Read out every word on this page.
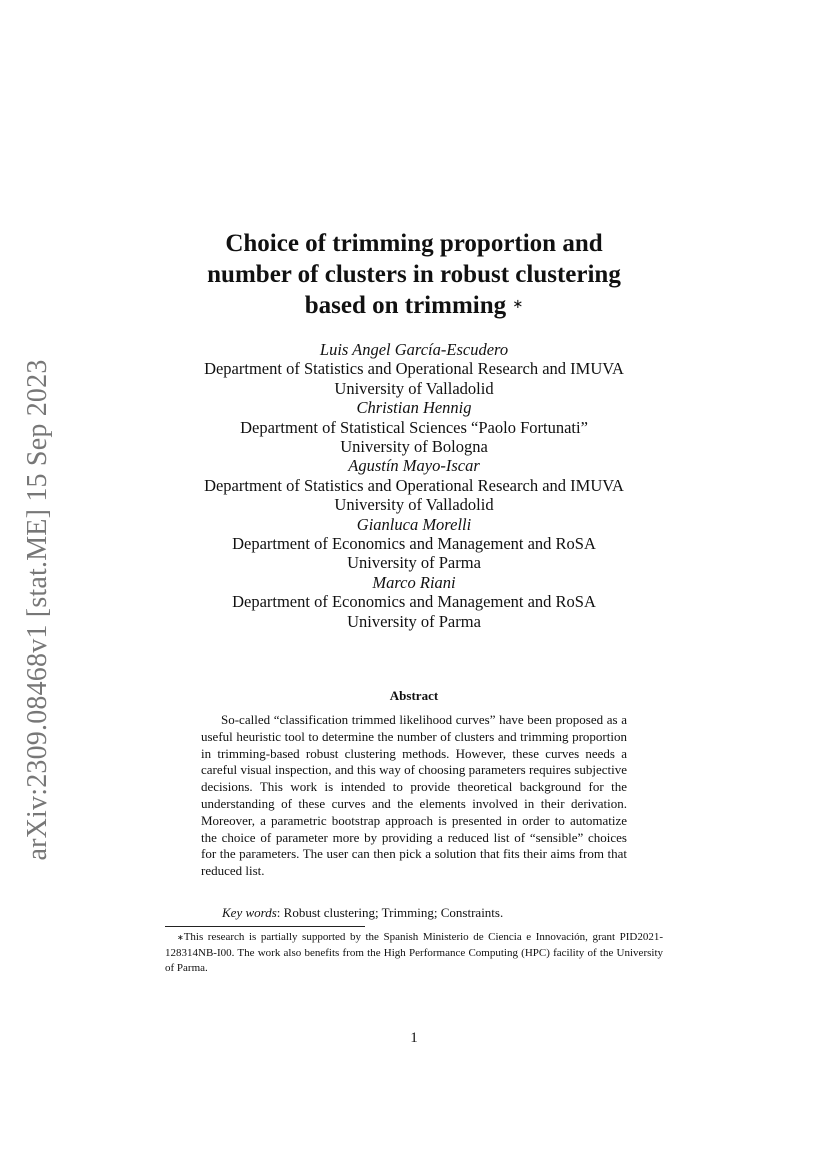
arXiv:2309.08468v1 [stat.ME] 15 Sep 2023
Choice of trimming proportion and
number of clusters in robust clustering
based on trimming ∗
Luis Angel García-Escudero
Department of Statistics and Operational Research and IMUVA
University of Valladolid
Christian Hennig
Department of Statistical Sciences “Paolo Fortunati”
University of Bologna
Agustín Mayo-Iscar
Department of Statistics and Operational Research and IMUVA
University of Valladolid
Gianluca Morelli
Department of Economics and Management and RoSA
University of Parma
Marco Riani
Department of Economics and Management and RoSA
University of Parma
Abstract

So-called “classification trimmed likelihood curves” have been proposed as a useful heuristic tool to determine the number of clusters and trimming proportion in trimming-based robust clustering methods. However, these curves needs a careful visual inspection, and this way of choosing parameters requires subjective decisions. This work is intended to provide theoretical background for the understanding of these curves and the elements involved in their derivation. Moreover, a parametric bootstrap approach is presented in order to automatize the choice of parameter more by providing a reduced list of “sensible” choices for the parameters. The user can then pick a solution that fits their aims from that reduced list.

Key words: Robust clustering; Trimming; Constraints.

∗This research is partially supported by the Spanish Ministerio de Ciencia e Innovación, grant PID2021-128314NB-I00. The work also benefits from the High Performance Computing (HPC) facility of the University of Parma.

1
